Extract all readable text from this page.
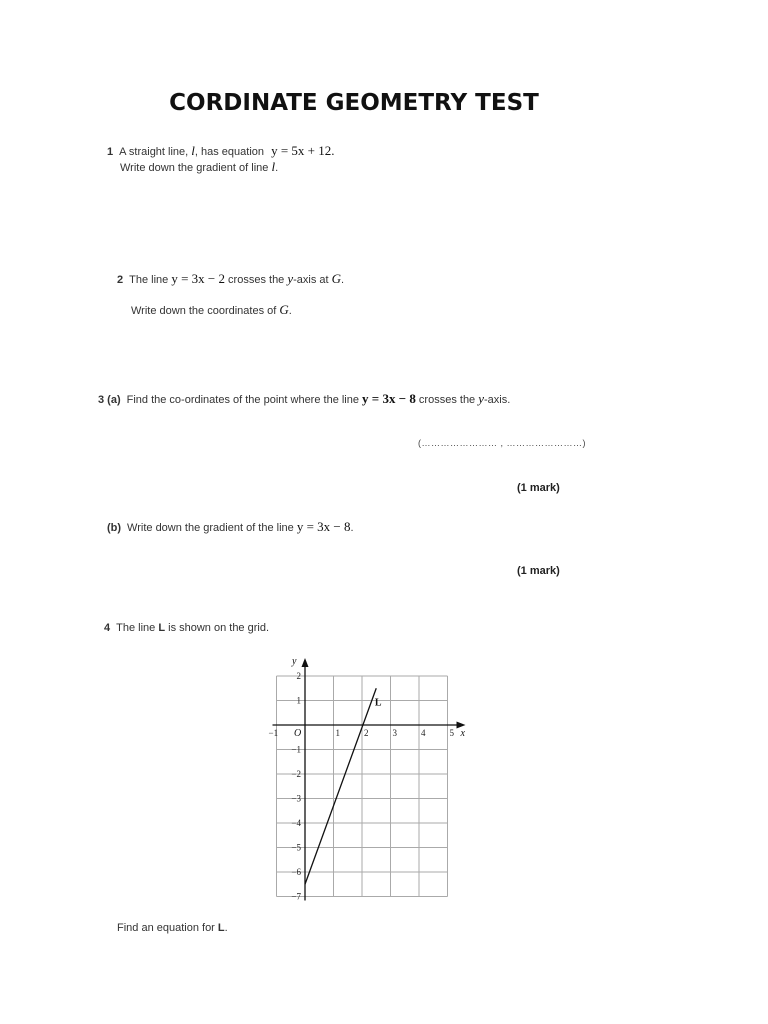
CORDINATE GEOMETRY TEST
1 A straight line, l, has equation y = 5x + 12.
Write down the gradient of line l.
2 The line y = 3x − 2 crosses the y-axis at G.
Write down the coordinates of G.
3 (a) Find the co-ordinates of the point where the line y = 3x − 8 crosses the y-axis.
(…………………… , ……………………)
(1 mark)
(b) Write down the gradient of the line y = 3x − 8.
(1 mark)
4 The line L is shown on the grid.
x
y
O
−1	1	2	3	4	5
2
1
−1
−2
−3
−4
−5
−6
−7
L
Find an equation for L.
